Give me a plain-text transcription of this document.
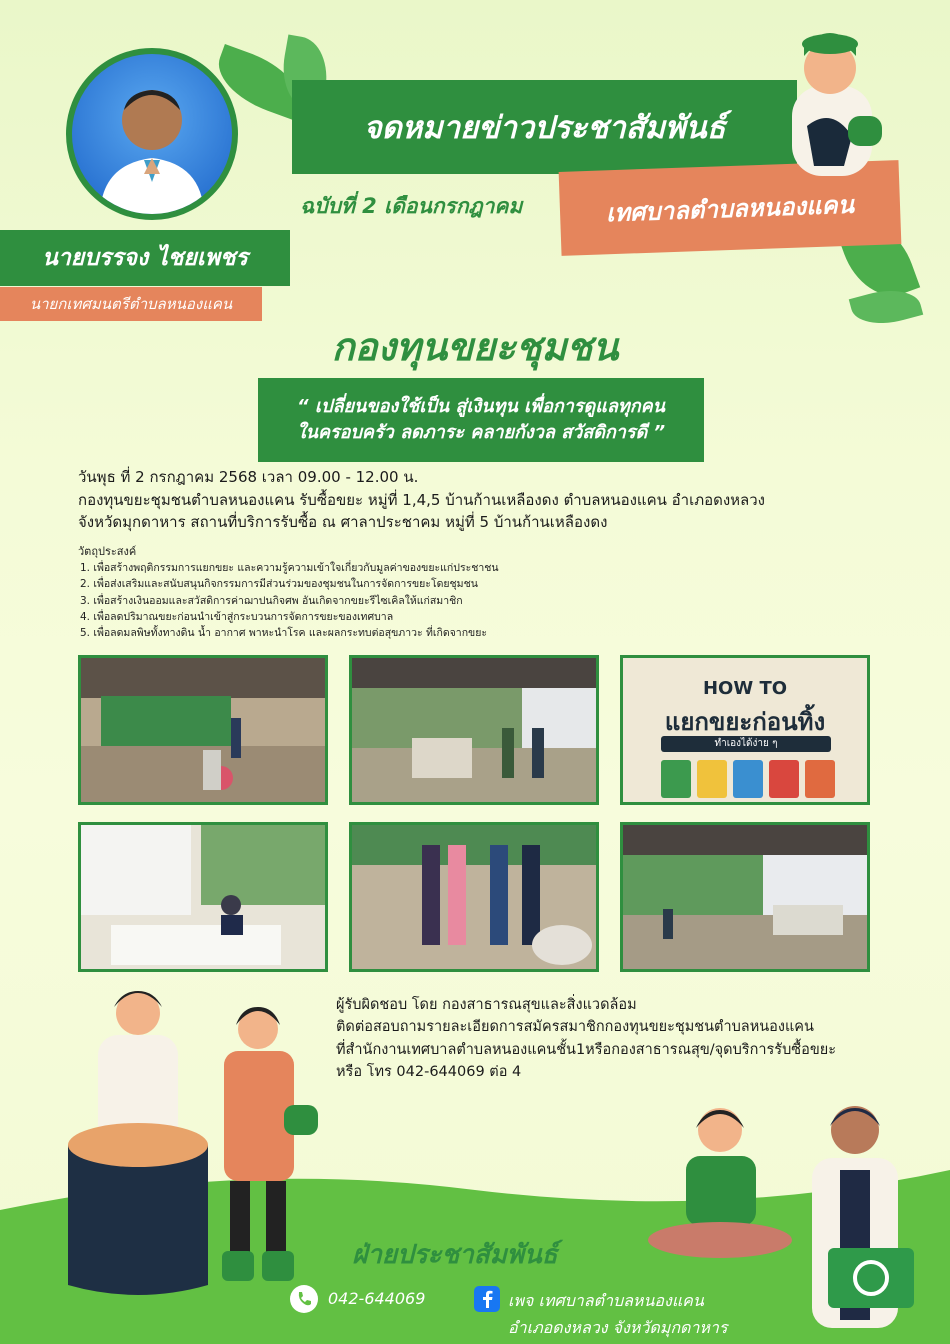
จดหมายข่าวประชาสัมพันธ์
ฉบับที่ 2 เดือนกรกฎาคม	เทศบาลตำบลหนองแคน
นายบรรจง ไชยเพชร
นายกเทศมนตรีตำบลหนองแคน
กองทุนขยะชุมชน
“ เปลี่ยนของใช้เป็น สู่เงินทุน เพื่อการดูแลทุกคน
ในครอบครัว ลดภาระ คลายกังวล สวัสดิการดี ”
วันพุธ ที่ 2 กรกฎาคม 2568 เวลา 09.00 - 12.00 น.
กองทุนขยะชุมชนตำบลหนองแคน รับซื้อขยะ หมู่ที่ 1,4,5 บ้านก้านเหลืองดง ตำบลหนองแคน อำเภอดงหลวง
จังหวัดมุกดาหาร สถานที่บริการรับซื้อ ณ ศาลาประชาคม หมู่ที่ 5 บ้านก้านเหลืองดง
วัตถุประสงค์
1. เพื่อสร้างพฤติกรรมการแยกขยะ และความรู้ความเข้าใจเกี่ยวกับมูลค่าของขยะแก่ประชาชน
2. เพื่อส่งเสริมและสนับสนุนกิจกรรมการมีส่วนร่วมของชุมชนในการจัดการขยะโดยชุมชน
3. เพื่อสร้างเงินออมและสวัสดิการค่าฌาปนกิจศพ อันเกิดจากขยะรีไซเคิลให้แก่สมาชิก
4. เพื่อลดปริมาณขยะก่อนนำเข้าสู่กระบวนการจัดการขยะของเทศบาล
5. เพื่อลดมลพิษทั้งทางดิน น้ำ อากาศ พาหะนำโรค และผลกระทบต่อสุขภาวะ ที่เกิดจากขยะ
HOW TO
แยกขยะก่อนทิ้ง
ทำเองได้ง่าย ๆ
ผู้รับผิดชอบ โดย กองสาธารณสุขและสิ่งแวดล้อม
ติดต่อสอบถามรายละเอียดการสมัครสมาชิกกองทุนขยะชุมชนตำบลหนองแคน
ที่สำนักงานเทศบาลตำบลหนองแคนชั้น1หรือกองสาธารณสุข/จุดบริการรับซื้อขยะ
หรือ โทร 042-644069 ต่อ 4
ฝ่ายประชาสัมพันธ์
042-644069	เพจ เทศบาลตำบลหนองแคน
อำเภอดงหลวง จังหวัดมุกดาหาร
